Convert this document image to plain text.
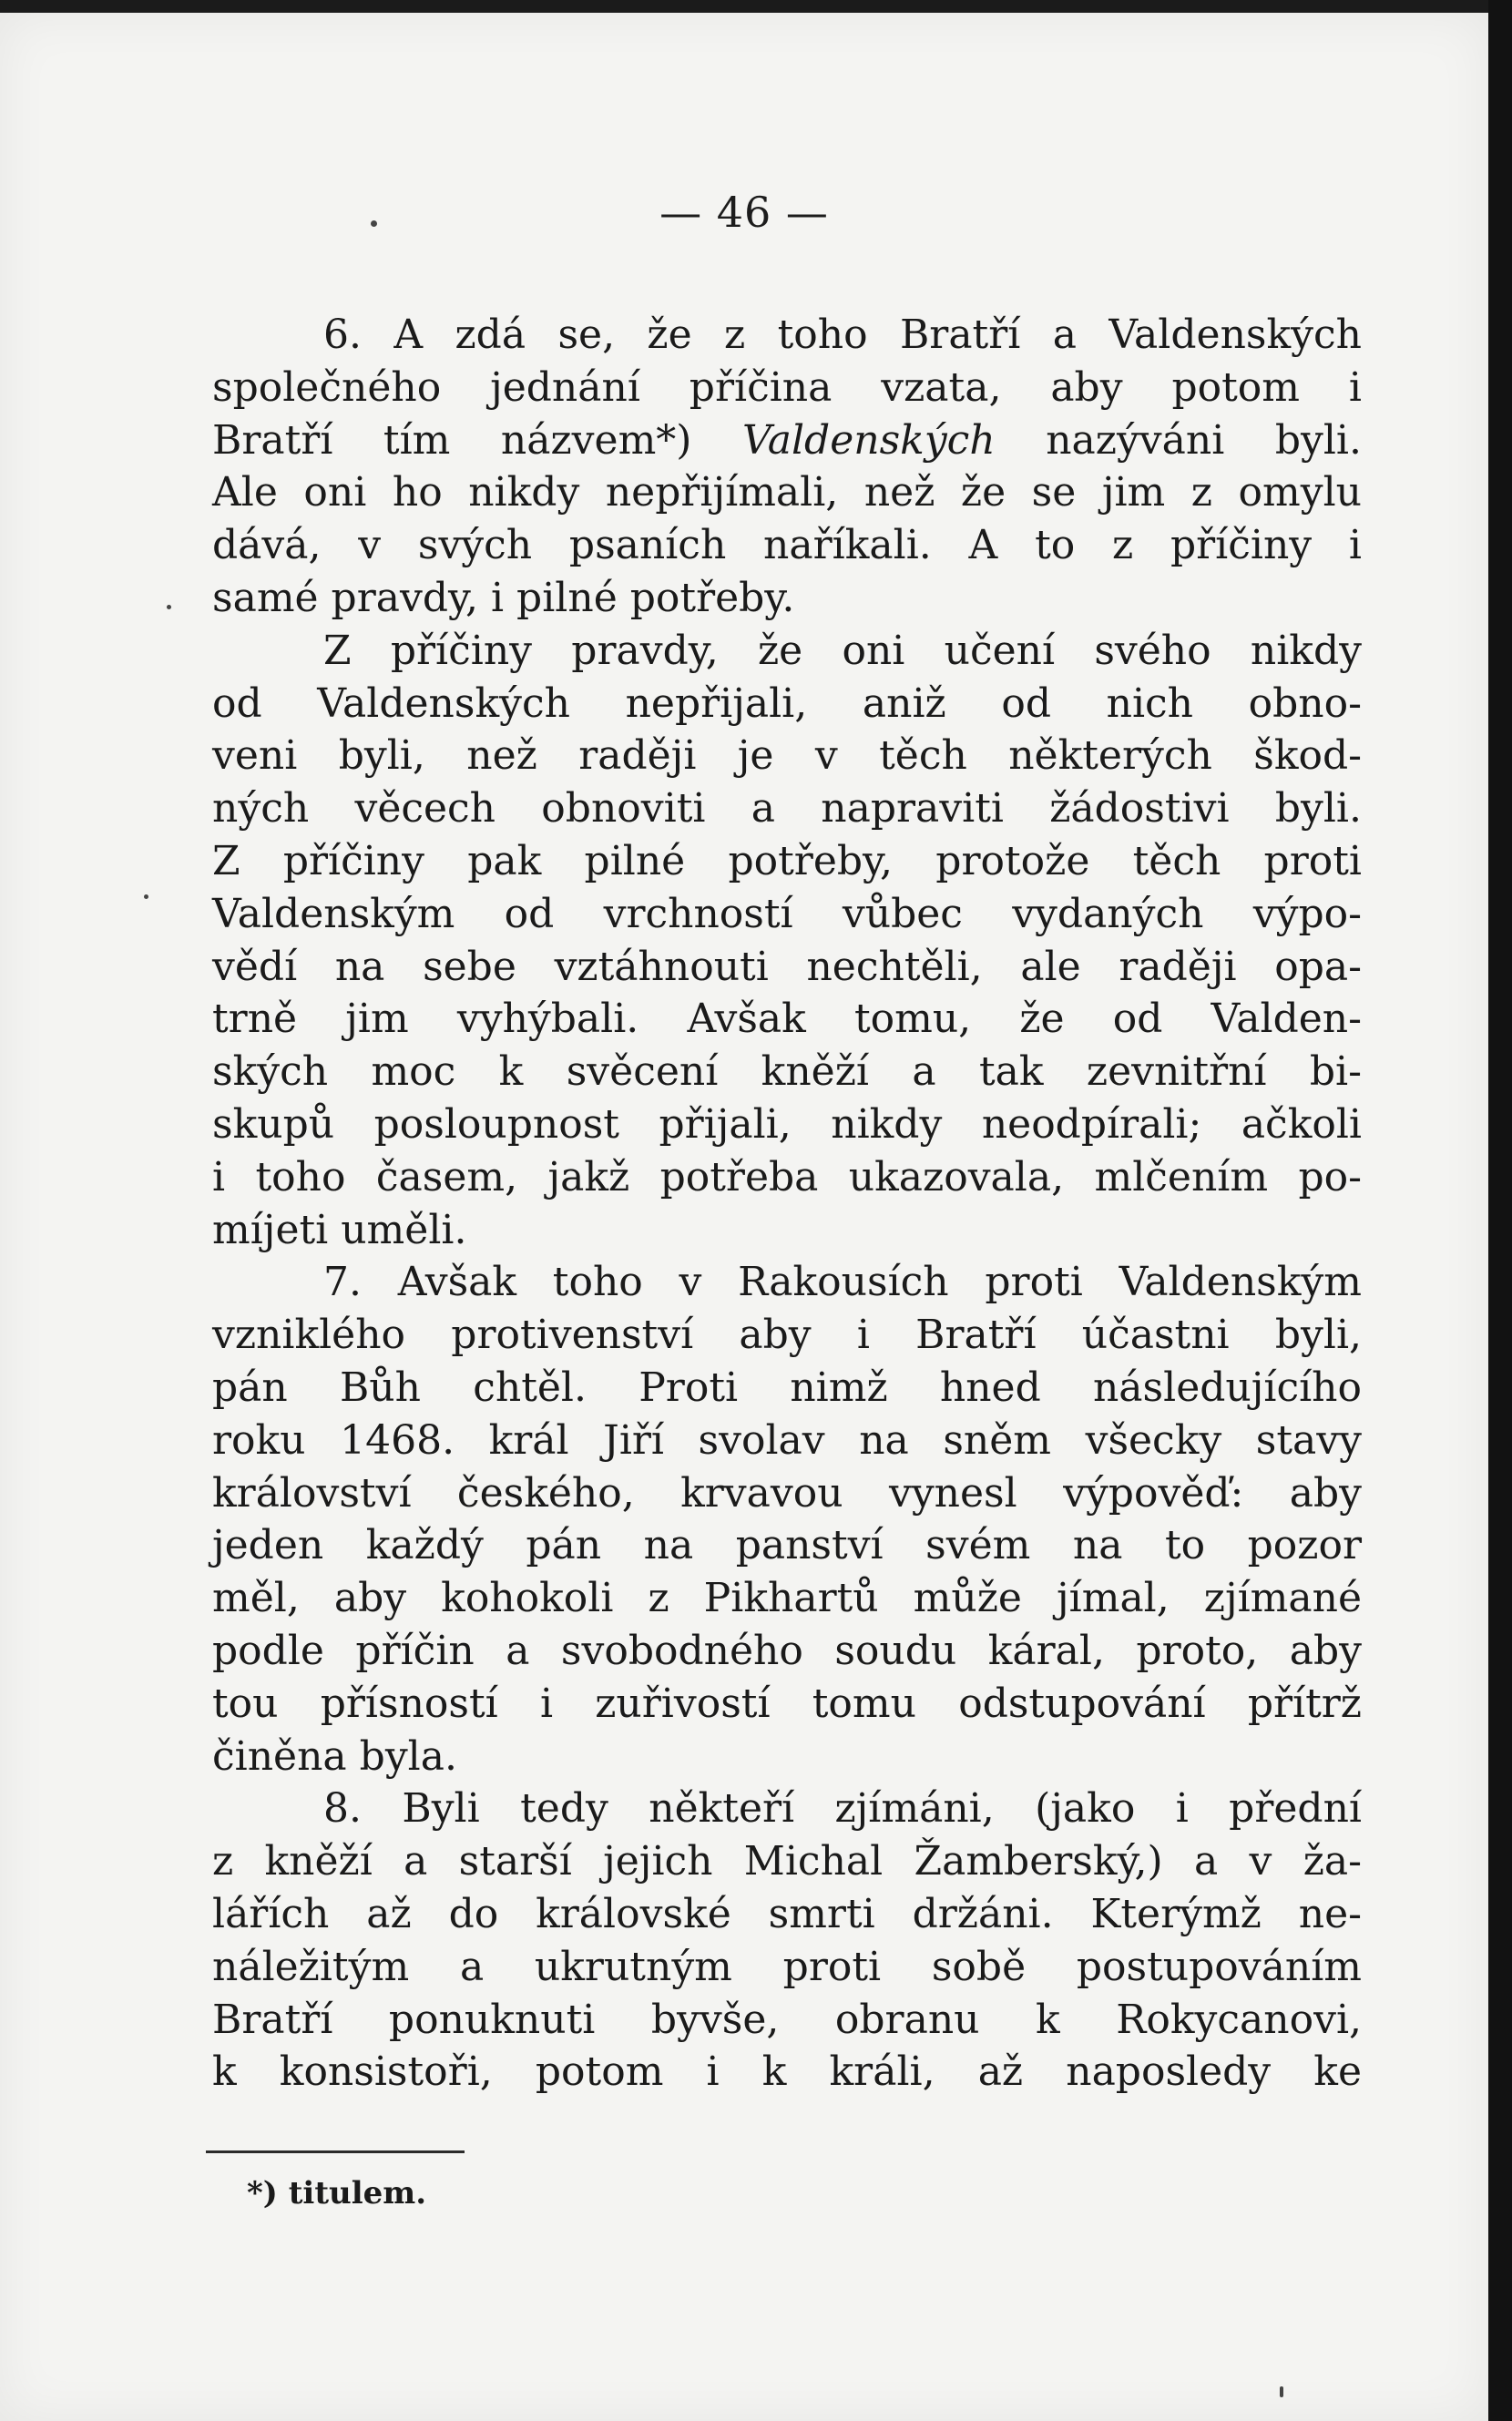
— 46 —
6. A zdá se, že z toho Bratří a Valdenských
společného jednání příčina vzata, aby potom i
Bratří tím názvem*) Valdenských nazýváni byli.
Ale oni ho nikdy nepřijímali, než že se jim z omylu
dává, v svých psaních naříkali. A to z příčiny i
samé pravdy, i pilné potřeby.
Z příčiny pravdy, že oni učení svého nikdy
od Valdenských nepřijali, aniž od nich obno-
veni byli, než raději je v těch některých škod-
ných věcech obnoviti a napraviti žádostivi byli.
Z příčiny pak pilné potřeby, protože těch proti
Valdenským od vrchností vůbec vydaných výpo-
vědí na sebe vztáhnouti nechtěli, ale raději opa-
trně jim vyhýbali. Avšak tomu, že od Valden-
ských moc k svěcení kněží a tak zevnitřní bi-
skupů posloupnost přijali, nikdy neodpírali; ačkoli
i toho časem, jakž potřeba ukazovala, mlčením po-
míjeti uměli.
7. Avšak toho v Rakousích proti Valdenským
vzniklého protivenství aby i Bratří účastni byli,
pán Bůh chtěl. Proti nimž hned následujícího
roku 1468. král Jiří svolav na sněm všecky stavy
království českého, krvavou vynesl výpověď: aby
jeden každý pán na panství svém na to pozor
měl, aby kohokoli z Pikhartů může jímal, zjímané
podle příčin a svobodného soudu káral, proto, aby
tou přísností i zuřivostí tomu odstupování přítrž
činěna byla.
8. Byli tedy někteří zjímáni, (jako i přední
z kněží a starší jejich Michal Žamberský,) a v ža-
lářích až do královské smrti držáni. Kterýmž ne-
náležitým a ukrutným proti sobě postupováním
Bratří ponuknuti byvše, obranu k Rokycanovi,
k konsistoři, potom i k králi, až naposledy ke
*) titulem.
